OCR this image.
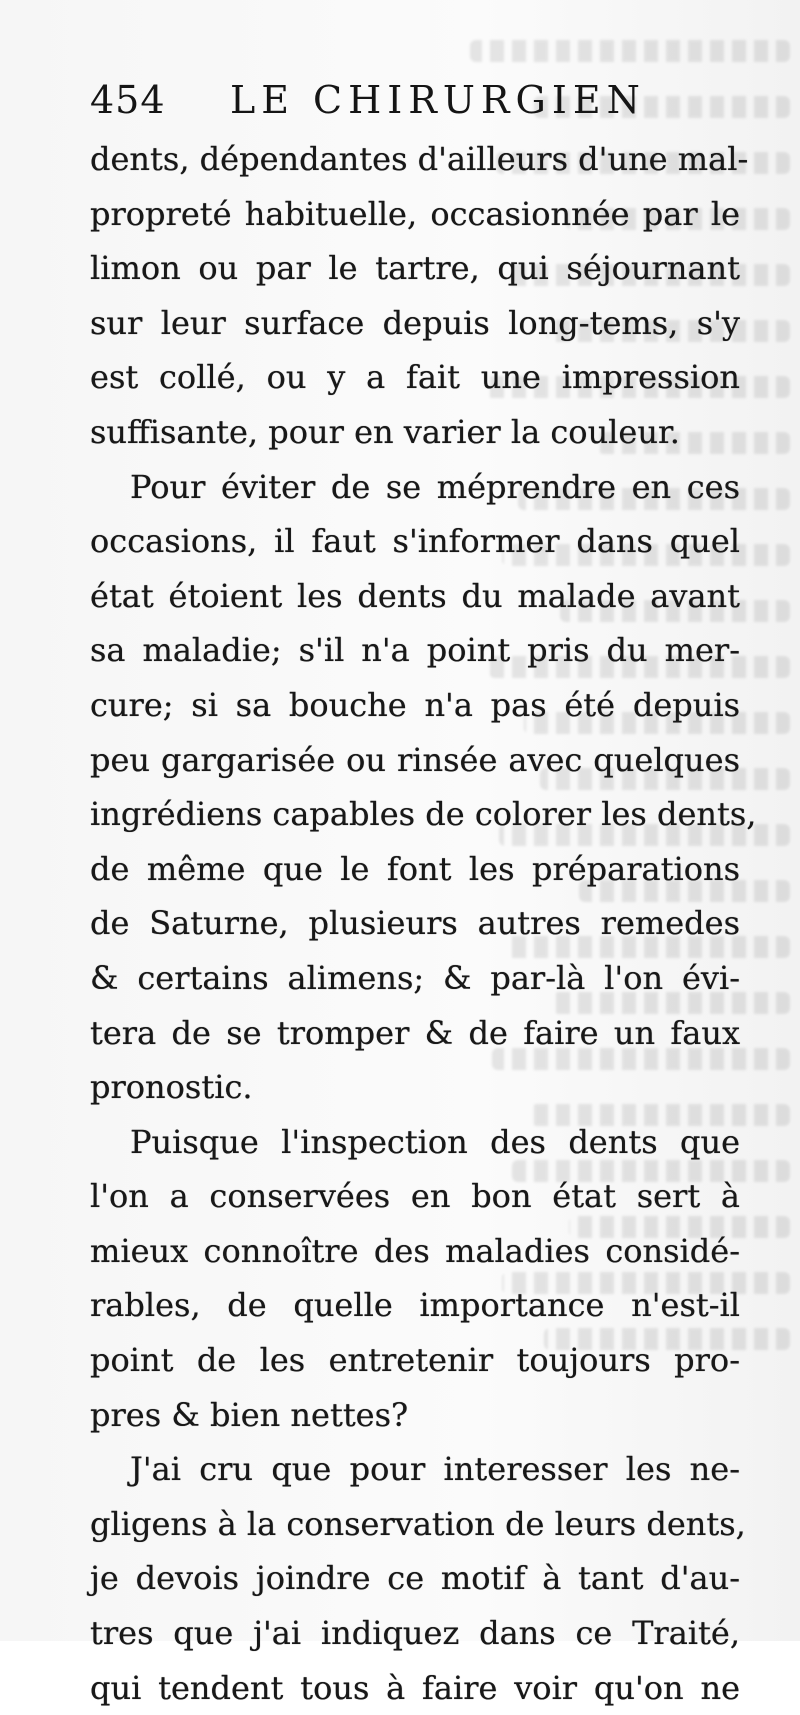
454 LE CHIRURGIEN
dents, dépendantes d'ailleurs d'une mal-
propreté habituelle, occasionnée par le
limon ou par le tartre, qui séjournant
sur leur surface depuis long-tems, s'y
est collé, ou y a fait une impression
suffisante, pour en varier la couleur.
Pour éviter de se méprendre en ces
occasions, il faut s'informer dans quel
état étoient les dents du malade avant
sa maladie; s'il n'a point pris du mer-
cure; si sa bouche n'a pas été depuis
peu gargarisée ou rinsée avec quelques
ingrédiens capables de colorer les dents,
de même que le font les préparations
de Saturne, plusieurs autres remedes
& certains alimens; & par-là l'on évi-
tera de se tromper & de faire un faux
pronostic.
Puisque l'inspection des dents que
l'on a conservées en bon état sert à
mieux connoître des maladies considé-
rables, de quelle importance n'est-il
point de les entretenir toujours pro-
pres & bien nettes?
J'ai cru que pour interesser les ne-
gligens à la conservation de leurs dents,
je devois joindre ce motif à tant d'au-
tres que j'ai indiquez dans ce Traité,
qui tendent tous à faire voir qu'on ne
